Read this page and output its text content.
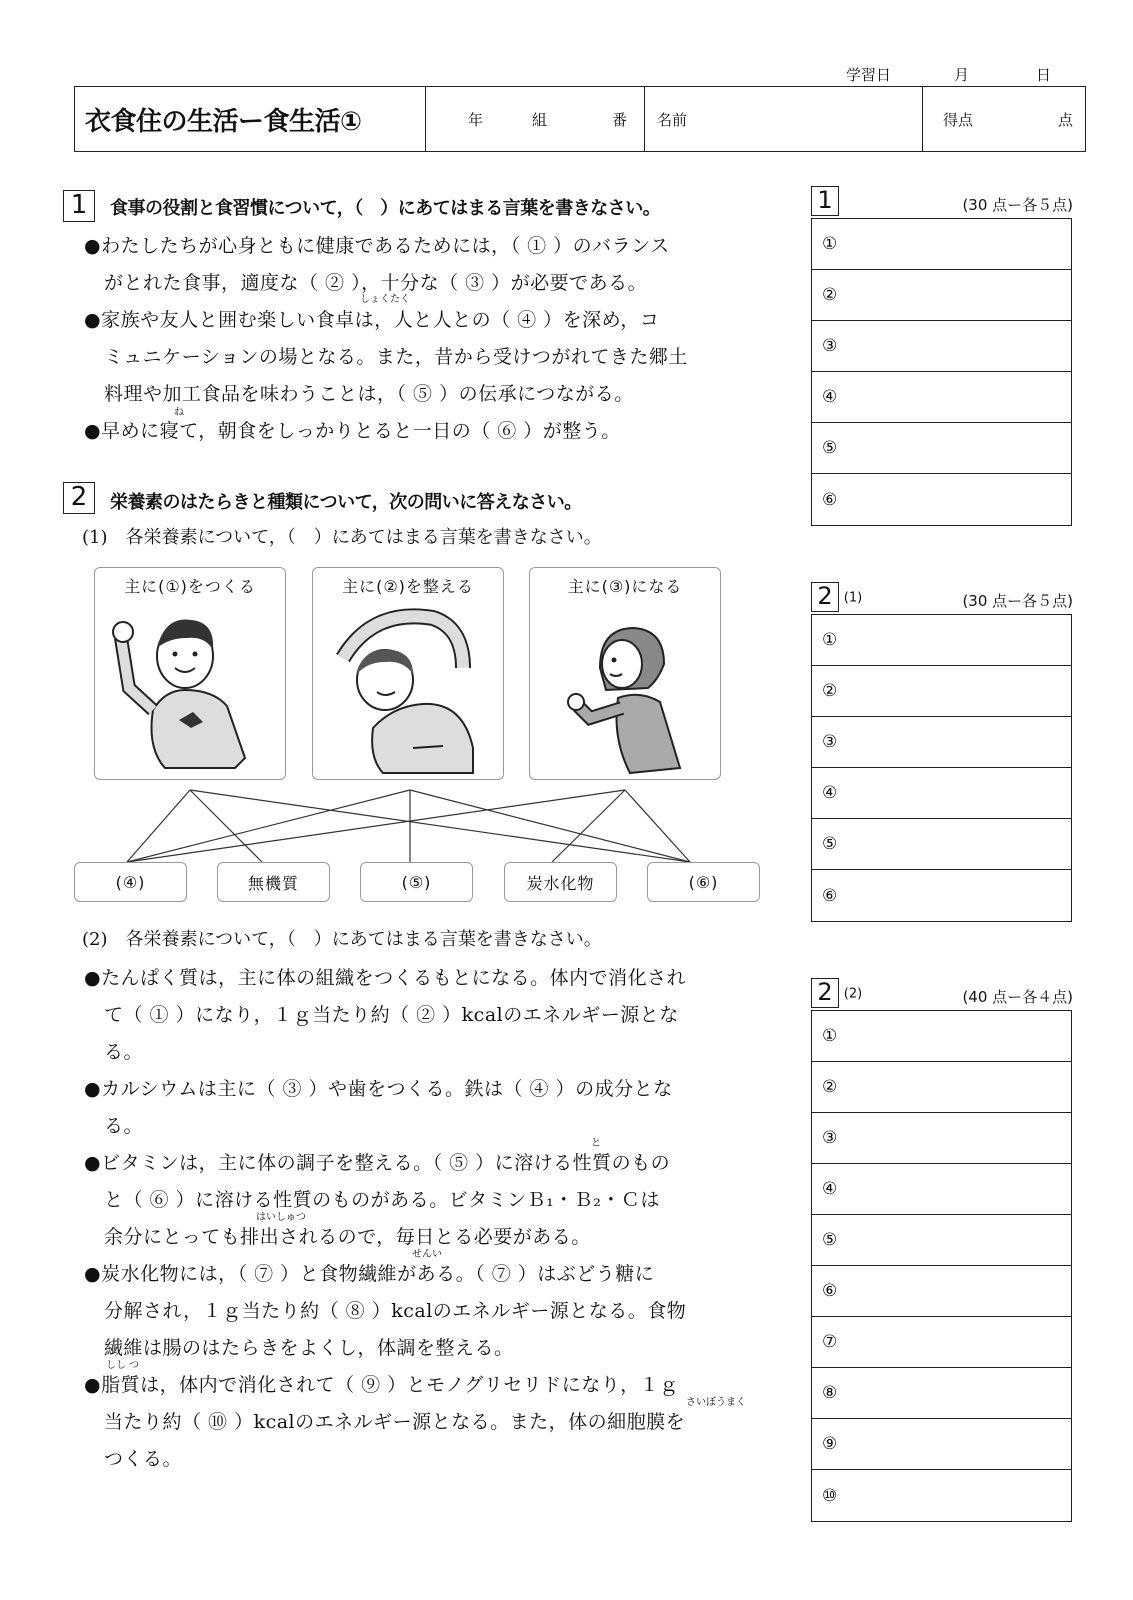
学習日	月	日
衣食住の生活ー食生活①	年	組	番 名前	得点	点
1	食事の役割と食習慣について，（　）にあてはまる言葉を書きなさい。
しょくたく
ね
●わたしたちが心身ともに健康であるためには，（ ① ）のバランス
がとれた食事，適度な（ ② ），十分な（ ③ ）が必要である。
●家族や友人と囲む楽しい食卓は，人と人との（ ④ ）を深め，コ
ミュニケーションの場となる。また，昔から受けつがれてきた郷土
料理や加工食品を味わうことは，（ ⑤ ）の伝承につながる。
●早めに寝て，朝食をしっかりとると一日の（ ⑥ ）が整う。
2	栄養素のはたらきと種類について，次の問いに答えなさい。
(1)　各栄養素について，（　）にあてはまる言葉を書きなさい。
主に(①)をつくる	主に(②)を整える	主に(③)になる
(④)	無機質	(⑤)	炭水化物	(⑥)
(2)　各栄養素について，（　）にあてはまる言葉を書きなさい。
と
はいしゅつ
せんい
しし つ
さいぼうまく
●たんぱく質は，主に体の組織をつくるもとになる。体内で消化され
て（ ① ）になり，１ｇ当たり約（ ② ）kcalのエネルギー源とな
る。
●カルシウムは主に（ ③ ）や歯をつくる。鉄は（ ④ ）の成分とな
る。
●ビタミンは，主に体の調子を整える。（ ⑤ ）に溶ける性質のもの
と（ ⑥ ）に溶ける性質のものがある。ビタミンＢ₁・Ｂ₂・Ｃは
余分にとっても排出されるので，毎日とる必要がある。
●炭水化物には，（ ⑦ ）と食物繊維がある。（ ⑦ ）はぶどう糖に
分解され，１ｇ当たり約（ ⑧ ）kcalのエネルギー源となる。食物
繊維は腸のはたらきをよくし，体調を整える。
●脂質は，体内で消化されて（ ⑨ ）とモノグリセリドになり，１ｇ
当たり約（ ⑩ ）kcalのエネルギー源となる。また，体の細胞膜を
つくる。
1	(30 点ー各５点)
①
②
③
④
⑤
⑥
2 (1)	(30 点ー各５点)
①
②
③
④
⑤
⑥
2 (2)	(40 点ー各４点)
①
②
③
④
⑤
⑥
⑦
⑧
⑨
⑩
